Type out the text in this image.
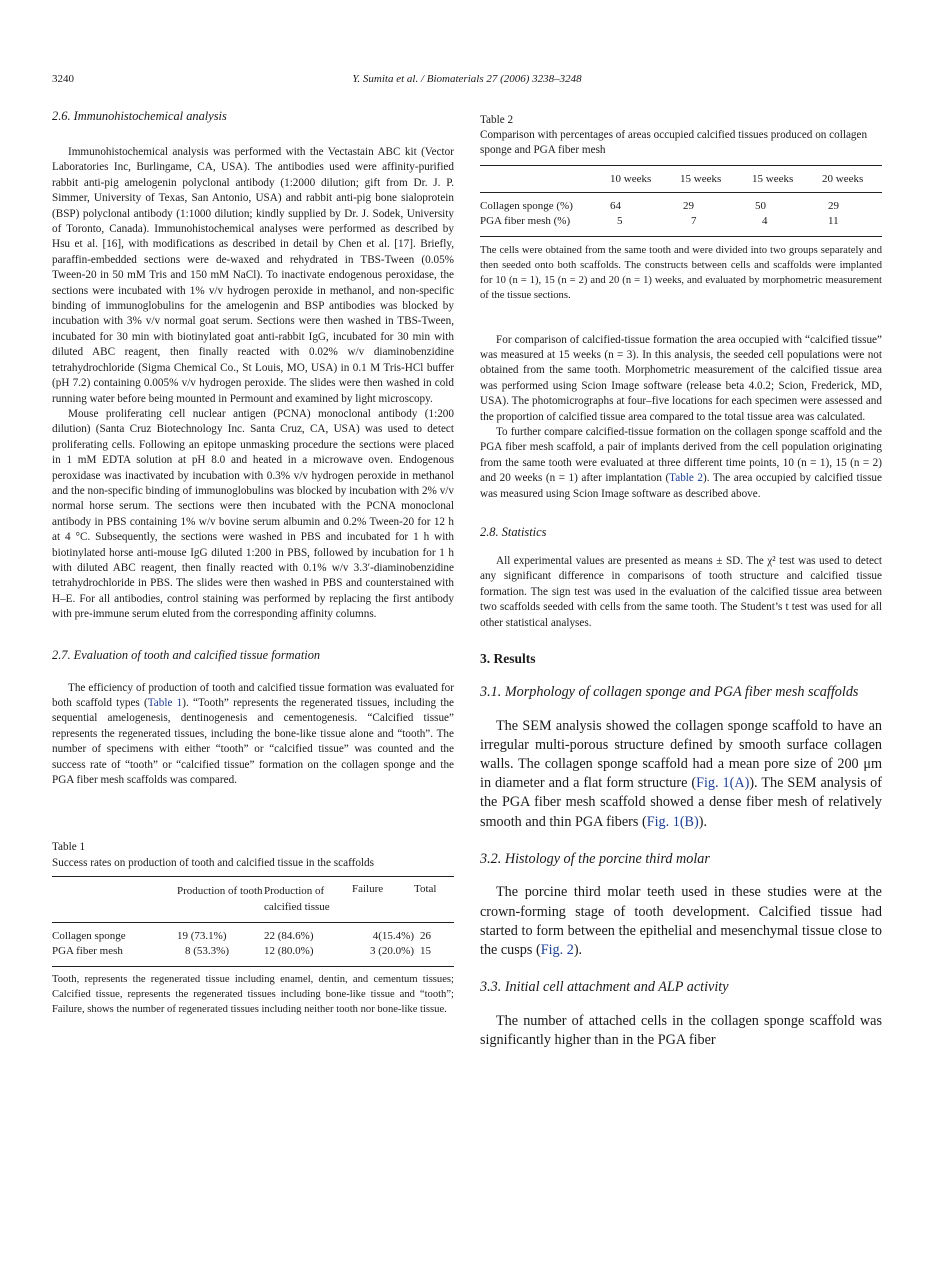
3240	Y. Sumita et al. / Biomaterials 27 (2006) 3238–3248
2.6. Immunohistochemical analysis

Immunohistochemical analysis was performed with the Vectastain ABC kit (Vector Laboratories Inc, Burlingame, CA, USA). The antibodies used were affinity-purified rabbit anti-pig amelogenin polyclonal antibody (1:2000 dilution; gift from Dr. J. P. Simmer, University of Texas, San Antonio, USA) and rabbit anti-pig bone sialoprotein (BSP) polyclonal antibody (1:1000 dilution; kindly supplied by Dr. J. Sodek, University of Toronto, Canada). Immunohistochemical analyses were performed as described by Hsu et al. [16], with modifications as described in detail by Chen et al. [17]. Briefly, paraffin-embedded sections were de-waxed and rehydrated in TBS-Tween (0.05% Tween-20 in 50 mM Tris and 150 mM NaCl). To inactivate endogenous peroxidase, the sections were incubated with 1% v/v hydrogen peroxide in methanol, and non-specific binding of immunoglobulins for the amelogenin and BSP antibodies was blocked by incubation with 3% v/v normal goat serum. Sections were then washed in TBS-Tween, incubated for 30 min with biotinylated goat anti-rabbit IgG, incubated for 30 min with diluted ABC reagent, then finally reacted with 0.02% w/v diaminobenzidine tetrahydrochloride (Sigma Chemical Co., St Louis, MO, USA) in 0.1 M Tris-HCl buffer (pH 7.2) containing 0.005% v/v hydrogen peroxide. The slides were then washed in cold running water before being mounted in Permount and examined by light microscopy.

Mouse proliferating cell nuclear antigen (PCNA) monoclonal antibody (1:200 dilution) (Santa Cruz Biotechnology Inc. Santa Cruz, CA, USA) was used to detect proliferating cells. Following an epitope unmasking procedure the sections were placed in 1 mM EDTA solution at pH 8.0 and heated in a microwave oven. Endogenous peroxidase was inactivated by incubation with 0.3% v/v hydrogen peroxide in methanol and the non-specific binding of immunoglobulins was blocked by incubation with 2% v/v normal horse serum. The sections were then incubated with the PCNA monoclonal antibody in PBS containing 1% w/v bovine serum albumin and 0.2% Tween-20 for 12 h at 4 °C. Subsequently, the sections were washed in PBS and incubated for 1 h with biotinylated horse anti-mouse IgG diluted 1:200 in PBS, followed by incubation for 1 h with diluted ABC reagent, then finally reacted with 0.1% w/v 3.3′-diaminobenzidine tetrahydrochloride in PBS. The slides were then washed in PBS and counterstained with H–E. For all antibodies, control staining was performed by replacing the first antibody with pre-immune serum eluted from the corresponding affinity columns.

2.7. Evaluation of tooth and calcified tissue formation

The efficiency of production of tooth and calcified tissue formation was evaluated for both scaffold types (Table 1). “Tooth” represents the regenerated tissues, including the sequential amelogenesis, dentinogenesis and cementogenesis. “Calcified tissue” represents the regenerated tissues, including the bone-like tissue alone and “tooth”. The number of specimens with either “tooth” or “calcified tissue” was counted and the success rate of “tooth” or “calcified tissue” formation on the collagen sponge and the PGA fiber mesh scaffolds was compared.

Table 1
Success rates on production of tooth and calcified tissue in the scaffolds
	Production of tooth	Production of calcified tissue	Failure	Total
Collagen sponge	19 (73.1%)	22 (84.6%)	4(15.4%)	26
PGA fiber mesh	8 (53.3%)	12 (80.0%)	3 (20.0%)	15
Tooth, represents the regenerated tissue including enamel, dentin, and cementum tissues; Calcified tissue, represents the regenerated tissues including bone-like tissue and “tooth”; Failure, shows the number of regenerated tissues including neither tooth nor bone-like tissue.
Table 2
Comparison with percentages of areas occupied calcified tissues produced on collagen sponge and PGA fiber mesh
	10 weeks	15 weeks	15 weeks	20 weeks
Collagen sponge (%)	64	29	50	29
PGA fiber mesh (%)	5	7	4	11
The cells were obtained from the same tooth and were divided into two groups separately and then seeded onto both scaffolds. The constructs between cells and scaffolds were implanted for 10 (n = 1), 15 (n = 2) and 20 (n = 1) weeks, and evaluated by morphometric measurement of the tissue sections.

For comparison of calcified-tissue formation the area occupied with “calcified tissue” was measured at 15 weeks (n = 3). In this analysis, the seeded cell populations were not obtained from the same tooth. Morphometric measurement of the calcified tissue area was performed using Scion Image software (release beta 4.0.2; Scion, Frederick, MD, USA). The photomicrographs at four–five locations for each specimen were assessed and the proportion of calcified tissue area compared to the total tissue area was calculated.

To further compare calcified-tissue formation on the collagen sponge scaffold and the PGA fiber mesh scaffold, a pair of implants derived from the cell population originating from the same tooth were evaluated at three different time points, 10 (n = 1), 15 (n = 2) and 20 weeks (n = 1) after implantation (Table 2). The area occupied by calcified tissue was measured using Scion Image software as described above.

2.8. Statistics

All experimental values are presented as means ± SD. The χ² test was used to detect any significant difference in comparisons of tooth structure and calcified tissue formation. The sign test was used in the evaluation of the calcified tissue area between two scaffolds seeded with cells from the same tooth. The Student’s t test was used for all other statistical analyses.

3. Results
3.1. Morphology of collagen sponge and PGA fiber mesh scaffolds

The SEM analysis showed the collagen sponge scaffold to have an irregular multi-porous structure defined by smooth surface collagen walls. The collagen sponge scaffold had a mean pore size of 200 μm in diameter and a flat form structure (Fig. 1(A)). The SEM analysis of the PGA fiber mesh scaffold showed a dense fiber mesh of relatively smooth and thin PGA fibers (Fig. 1(B)).

3.2. Histology of the porcine third molar

The porcine third molar teeth used in these studies were at the crown-forming stage of tooth development. Calcified tissue had started to form between the epithelial and mesenchymal tissue close to the cusps (Fig. 2).

3.3. Initial cell attachment and ALP activity

The number of attached cells in the collagen sponge scaffold was significantly higher than in the PGA fiber
